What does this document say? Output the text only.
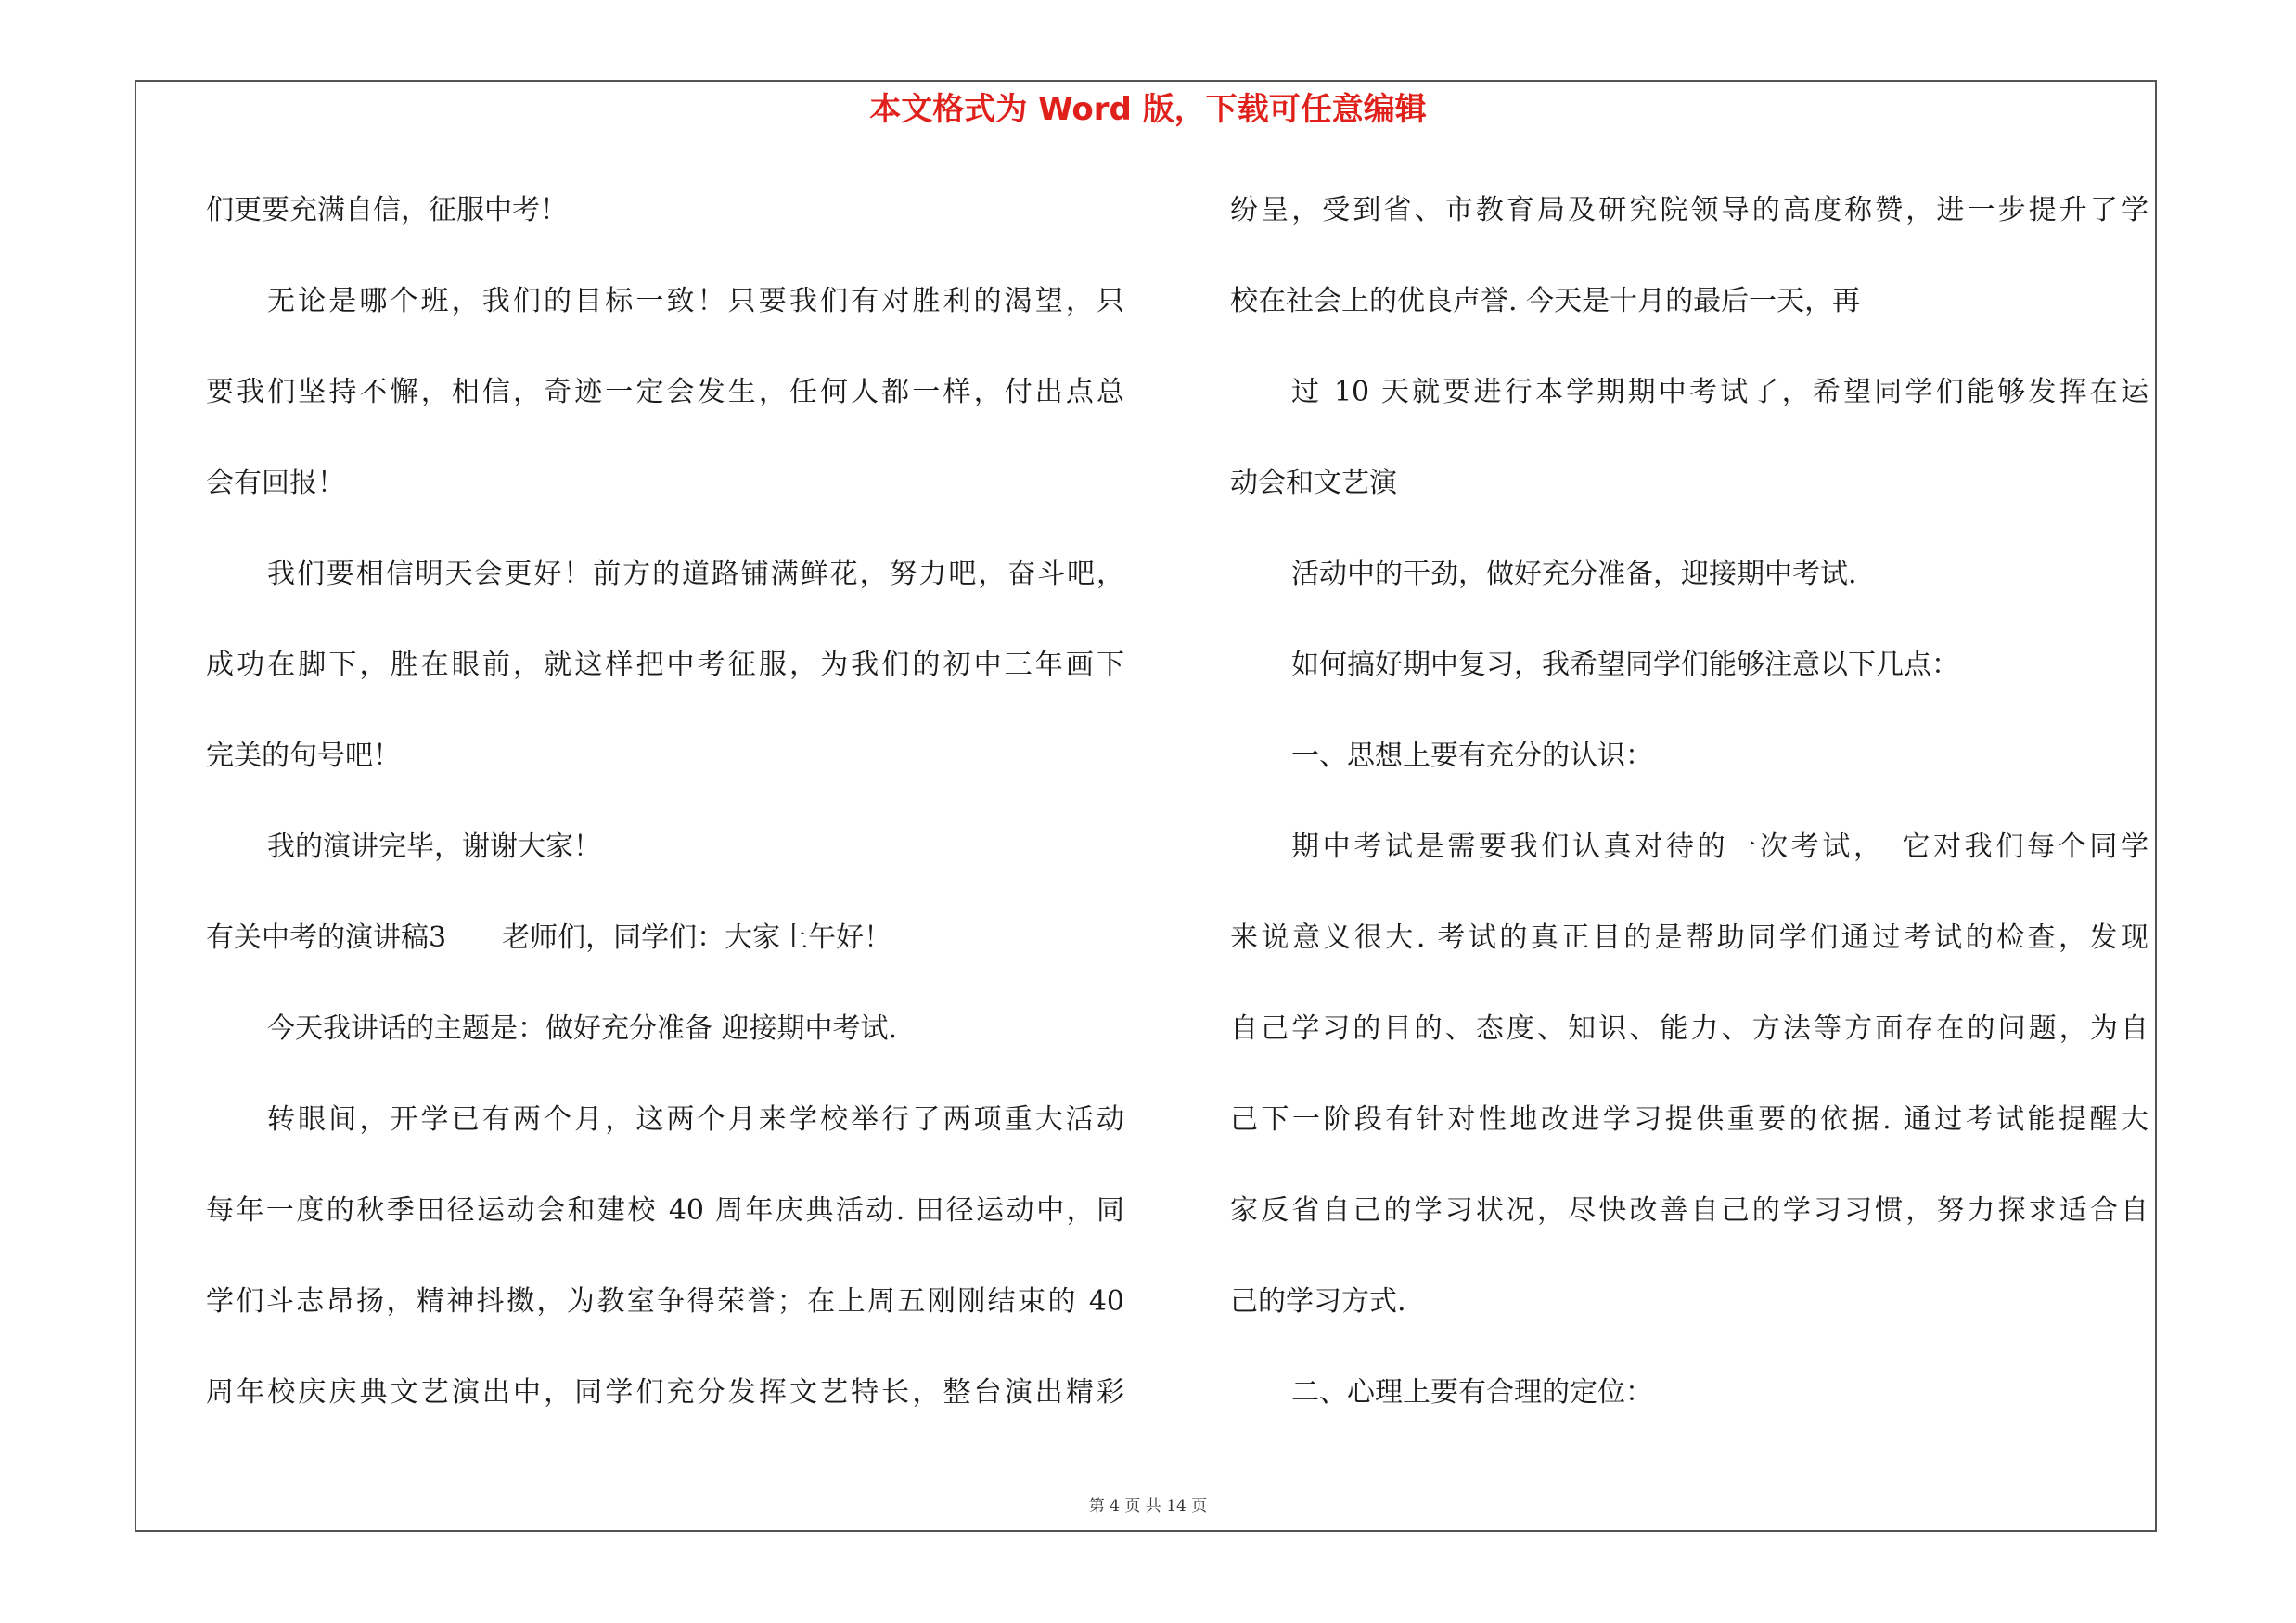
本文格式为 Word 版，下载可任意编辑
们更要充满自信，征服中考！
无论是哪个班，我们的目标一致！只要我们有对胜利的渴望，只
要我们坚持不懈，相信，奇迹一定会发生，任何人都一样，付出点总
会有回报！
我们要相信明天会更好！前方的道路铺满鲜花，努力吧，奋斗吧，
成功在脚下，胜在眼前，就这样把中考征服，为我们的初中三年画下
完美的句号吧！
我的演讲完毕，谢谢大家！
有关中考的演讲稿3　　老师们，同学们：大家上午好！
今天我讲话的主题是：做好充分准备 迎接期中考试.
转眼间，开学已有两个月，这两个月来学校举行了两项重大活动
每年一度的秋季田径运动会和建校 40 周年庆典活动. 田径运动中，同
学们斗志昂扬，精神抖擞，为教室争得荣誉；在上周五刚刚结束的 40
周年校庆庆典文艺演出中，同学们充分发挥文艺特长，整台演出精彩
纷呈，受到省、市教育局及研究院领导的高度称赞，进一步提升了学
校在社会上的优良声誉. 今天是十月的最后一天，再
过 10 天就要进行本学期期中考试了，希望同学们能够发挥在运
动会和文艺演
活动中的干劲，做好充分准备，迎接期中考试.
如何搞好期中复习，我希望同学们能够注意以下几点：
一、思想上要有充分的认识：
期中考试是需要我们认真对待的一次考试，　它对我们每个同学
来说意义很大. 考试的真正目的是帮助同学们通过考试的检查，发现
自己学习的目的、态度、知识、能力、方法等方面存在的问题，为自
己下一阶段有针对性地改进学习提供重要的依据. 通过考试能提醒大
家反省自己的学习状况，尽快改善自己的学习习惯，努力探求适合自
己的学习方式.
二、心理上要有合理的定位：
第 4 页 共 14 页
